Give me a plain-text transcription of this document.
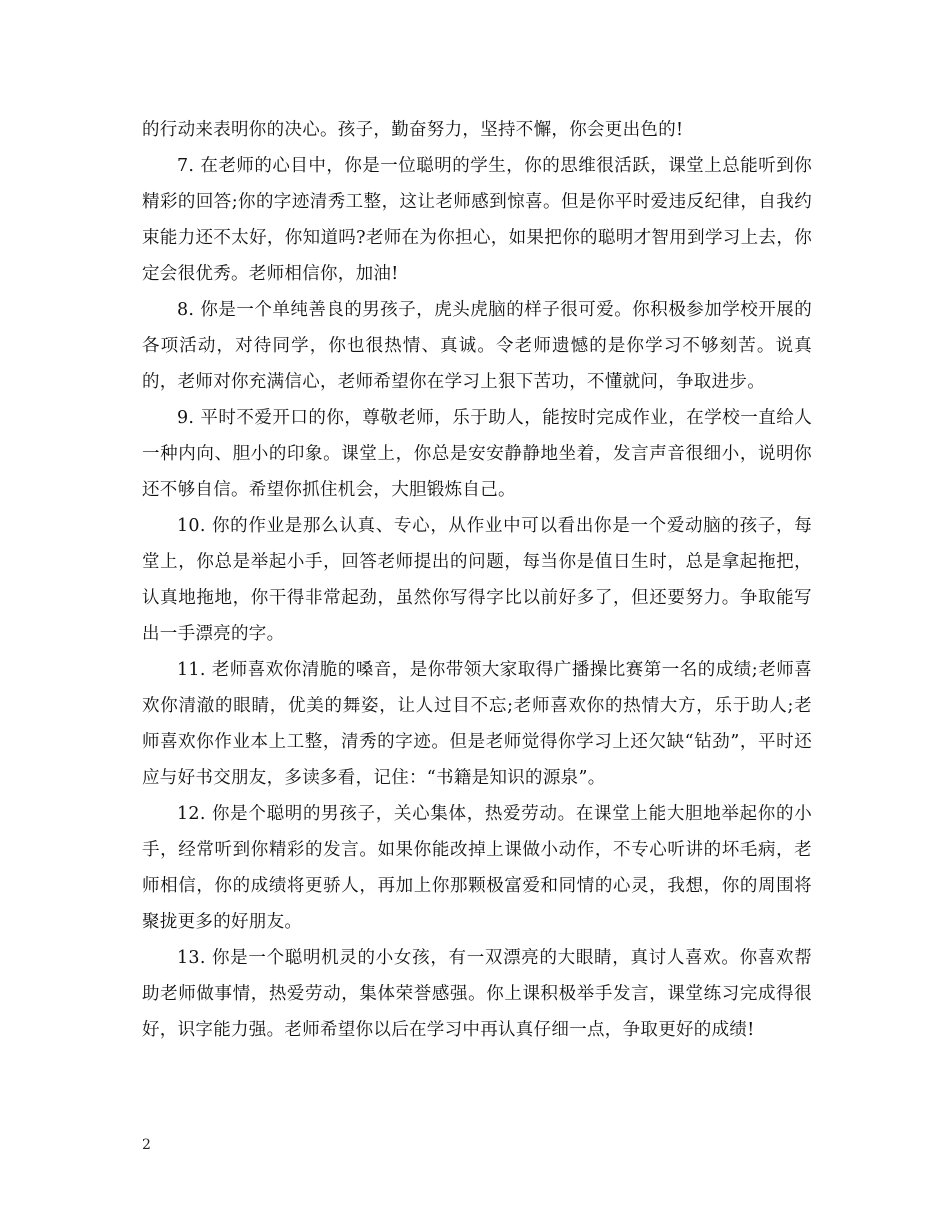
的行动来表明你的决心。孩子，勤奋努力，坚持不懈，你会更出色的!

7. 在老师的心目中，你是一位聪明的学生，你的思维很活跃，课堂上总能听到你精彩的回答;你的字迹清秀工整，这让老师感到惊喜。但是你平时爱违反纪律，自我约束能力还不太好，你知道吗?老师在为你担心，如果把你的聪明才智用到学习上去，你定会很优秀。老师相信你，加油!

8. 你是一个单纯善良的男孩子，虎头虎脑的样子很可爱。你积极参加学校开展的各项活动，对待同学，你也很热情、真诚。令老师遗憾的是你学习不够刻苦。说真的，老师对你充满信心，老师希望你在学习上狠下苦功，不懂就问，争取进步。

9. 平时不爱开口的你，尊敬老师，乐于助人，能按时完成作业，在学校一直给人一种内向、胆小的印象。课堂上，你总是安安静静地坐着，发言声音很细小，说明你还不够自信。希望你抓住机会，大胆锻炼自己。

10. 你的作业是那么认真、专心，从作业中可以看出你是一个爱动脑的孩子，每堂上，你总是举起小手，回答老师提出的问题，每当你是值日生时，总是拿起拖把，认真地拖地，你干得非常起劲，虽然你写得字比以前好多了，但还要努力。争取能写出一手漂亮的字。

11. 老师喜欢你清脆的嗓音，是你带领大家取得广播操比赛第一名的成绩;老师喜欢你清澈的眼睛，优美的舞姿，让人过目不忘;老师喜欢你的热情大方，乐于助人;老师喜欢你作业本上工整，清秀的字迹。但是老师觉得你学习上还欠缺“钻劲”，平时还应与好书交朋友，多读多看，记住：“书籍是知识的源泉”。

12. 你是个聪明的男孩子，关心集体，热爱劳动。在课堂上能大胆地举起你的小手，经常听到你精彩的发言。如果你能改掉上课做小动作，不专心听讲的坏毛病，老师相信，你的成绩将更骄人，再加上你那颗极富爱和同情的心灵，我想，你的周围将聚拢更多的好朋友。

13. 你是一个聪明机灵的小女孩，有一双漂亮的大眼睛，真讨人喜欢。你喜欢帮助老师做事情，热爱劳动，集体荣誉感强。你上课积极举手发言，课堂练习完成得很好，识字能力强。老师希望你以后在学习中再认真仔细一点，争取更好的成绩!

2
